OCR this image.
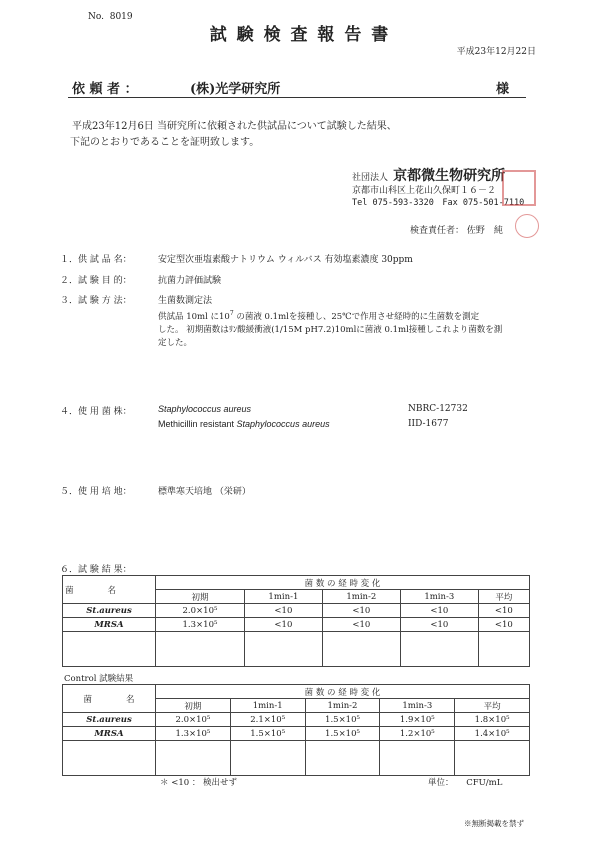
No. 8019
試 験 検 査 報 告 書
平成23年12月22日
依 頼 者 ：	(株)光学研究所	様
平成23年12月6日 当研究所に依頼された供試品について試験した結果、
下記のとおりであることを証明致します。
社団法人 京都微生物研究所
京都市山科区上花山久保町１６－２
Tel 075-593-3320　Fax 075-501-7110
検査責任者： 佐野　純
１．供 試 品 名：	安定型次亜塩素酸ナトリウム ウィルバス 有効塩素濃度 30ppm
２．試 験 目 的：	抗菌力評価試験
３．試 験 方 法：	生菌数測定法
供試品 10ml に$10^7$ の菌液 0.1mlを接種し、25℃で作用させ経時的に生菌数を測定
した。 初期菌数はﾘﾝ酸緩衝液(1/15M pH7.2)10mlに菌液 0.1ml接種しこれより菌数を測
定した。
４．使 用 菌 株：	Staphylococcus aureus	NBRC-12732
Methicillin resistant Staphylococcus aureus	IID-1677
５．使 用 培 地：	標準寒天培地 （栄研）
６．試 験 結 果：
菌　　　　名	菌 数 の 経 時 変 化				
	初期	1min-1	1min-2	1min-3	平均
St.aureus	2.0×10⁵	<10	<10	<10	<10
MRSA	1.3×10⁵	<10	<10	<10	<10

Control 試験結果
菌　　　　名	菌 数 の 経 時 変 化				
	初期	1min-1	1min-2	1min-3	平均
St.aureus	2.0×10⁵	2.1×10⁵	1.5×10⁵	1.9×10⁵	1.8×10⁵
MRSA	1.3×10⁵	1.5×10⁵	1.5×10⁵	1.2×10⁵	1.4×10⁵

＊ <10 ： 検出せず	単位： CFU/mL
※無断掲載を禁ず
